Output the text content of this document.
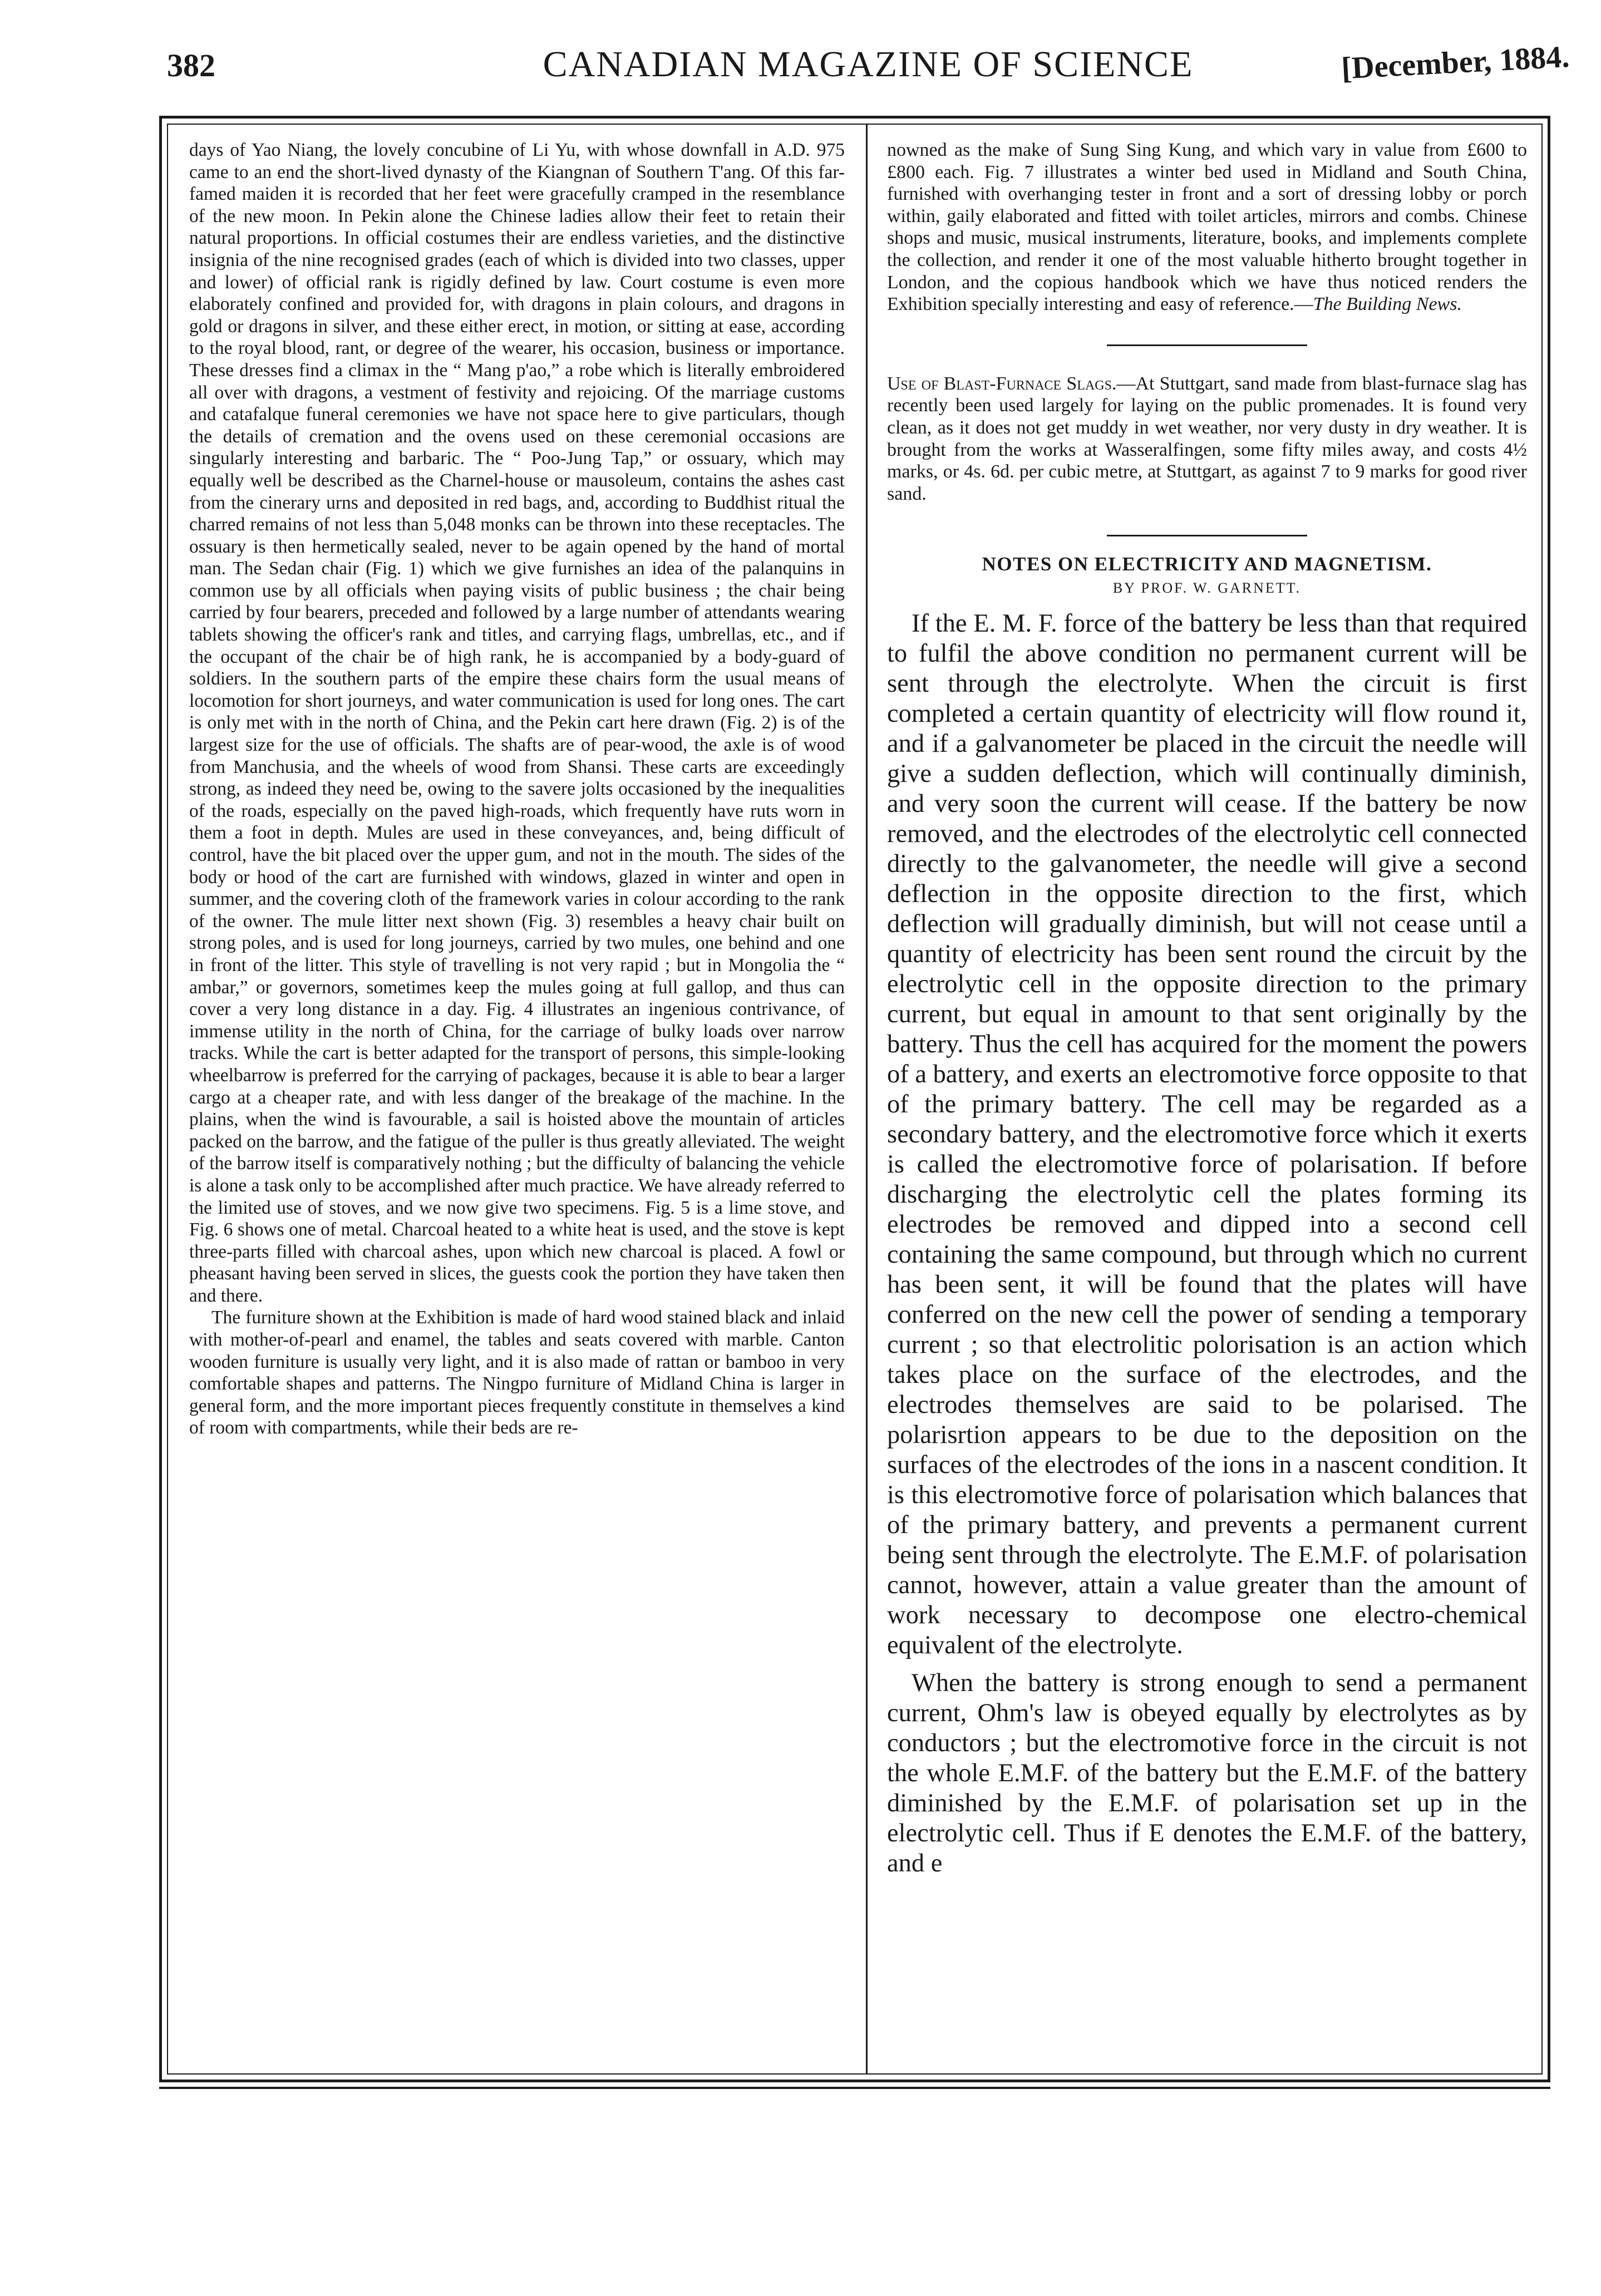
382	CANADIAN MAGAZINE OF SCIENCE	[December, 1884.

days of Yao Niang, the lovely concubine of Li Yu, with whose downfall in A.D. 975 came to an end the short-lived dynasty of the Kiangnan of Southern T'ang. Of this far-famed maiden it is recorded that her feet were gracefully cramped in the resemblance of the new moon. In Pekin alone the Chinese ladies allow their feet to retain their natural proportions. In official costumes their are endless varieties, and the distinctive insignia of the nine recognised grades (each of which is divided into two classes, upper and lower) of official rank is rigidly defined by law. Court costume is even more elaborately confined and provided for, with dragons in plain colours, and dragons in gold or dragons in silver, and these either erect, in motion, or sitting at ease, according to the royal blood, rant, or degree of the wearer, his occasion, business or importance. These dresses find a climax in the “ Mang p'ao,” a robe which is literally embroidered all over with dragons, a vestment of festivity and rejoicing. Of the marriage customs and catafalque funeral ceremonies we have not space here to give particulars, though the details of cremation and the ovens used on these ceremonial occasions are singularly interesting and barbaric. The “ Poo-Jung Tap,” or ossuary, which may equally well be described as the Charnel-house or mausoleum, contains the ashes cast from the cinerary urns and deposited in red bags, and, according to Buddhist ritual the charred remains of not less than 5,048 monks can be thrown into these receptacles. The ossuary is then hermetically sealed, never to be again opened by the hand of mortal man. The Sedan chair (Fig. 1) which we give furnishes an idea of the palanquins in common use by all officials when paying visits of public business ; the chair being carried by four bearers, preceded and followed by a large number of attendants wearing tablets showing the officer's rank and titles, and carrying flags, umbrellas, etc., and if the occupant of the chair be of high rank, he is accompanied by a body-guard of soldiers. In the southern parts of the empire these chairs form the usual means of locomotion for short journeys, and water communication is used for long ones. The cart is only met with in the north of China, and the Pekin cart here drawn (Fig. 2) is of the largest size for the use of officials. The shafts are of pear-wood, the axle is of wood from Manchusia, and the wheels of wood from Shansi. These carts are exceedingly strong, as indeed they need be, owing to the savere jolts occasioned by the inequalities of the roads, especially on the paved high-roads, which frequently have ruts worn in them a foot in depth. Mules are used in these conveyances, and, being difficult of control, have the bit placed over the upper gum, and not in the mouth. The sides of the body or hood of the cart are furnished with windows, glazed in winter and open in summer, and the covering cloth of the framework varies in colour according to the rank of the owner. The mule litter next shown (Fig. 3) resembles a heavy chair built on strong poles, and is used for long journeys, carried by two mules, one behind and one in front of the litter. This style of travelling is not very rapid ; but in Mongolia the “ ambar,” or governors, sometimes keep the mules going at full gallop, and thus can cover a very long distance in a day. Fig. 4 illustrates an ingenious contrivance, of immense utility in the north of China, for the carriage of bulky loads over narrow tracks. While the cart is better adapted for the transport of persons, this simple-looking wheelbarrow is preferred for the carrying of packages, because it is able to bear a larger cargo at a cheaper rate, and with less danger of the breakage of the machine. In the plains, when the wind is favourable, a sail is hoisted above the mountain of articles packed on the barrow, and the fatigue of the puller is thus greatly alleviated. The weight of the barrow itself is comparatively nothing ; but the difficulty of balancing the vehicle is alone a task only to be accomplished after much practice. We have already referred to the limited use of stoves, and we now give two specimens. Fig. 5 is a lime stove, and Fig. 6 shows one of metal. Charcoal heated to a white heat is used, and the stove is kept three-parts filled with charcoal ashes, upon which new charcoal is placed. A fowl or pheasant having been served in slices, the guests cook the portion they have taken then and there.

The furniture shown at the Exhibition is made of hard wood stained black and inlaid with mother-of-pearl and enamel, the tables and seats covered with marble. Canton wooden furniture is usually very light, and it is also made of rattan or bamboo in very comfortable shapes and patterns. The Ningpo furniture of Midland China is larger in general form, and the more important pieces frequently constitute in themselves a kind of room with compartments, while their beds are re-

nowned as the make of Sung Sing Kung, and which vary in value from £600 to £800 each. Fig. 7 illustrates a winter bed used in Midland and South China, furnished with overhanging tester in front and a sort of dressing lobby or porch within, gaily elaborated and fitted with toilet articles, mirrors and combs. Chinese shops and music, musical instruments, literature, books, and implements complete the collection, and render it one of the most valuable hitherto brought together in London, and the copious handbook which we have thus noticed renders the Exhibition specially interesting and easy of reference.—The Building News.

Use of Blast-Furnace Slags.—At Stuttgart, sand made from blast-furnace slag has recently been used largely for laying on the public promenades. It is found very clean, as it does not get muddy in wet weather, nor very dusty in dry weather. It is brought from the works at Wasseralfingen, some fifty miles away, and costs 4½ marks, or 4s. 6d. per cubic metre, at Stuttgart, as against 7 to 9 marks for good river sand.

NOTES ON ELECTRICITY AND MAGNETISM.
BY PROF. W. GARNETT.

If the E. M. F. force of the battery be less than that required to fulfil the above condition no permanent current will be sent through the electrolyte. When the circuit is first completed a certain quantity of electricity will flow round it, and if a galvanometer be placed in the circuit the needle will give a sudden deflection, which will continually diminish, and very soon the current will cease. If the battery be now removed, and the electrodes of the electrolytic cell connected directly to the galvanometer, the needle will give a second deflection in the opposite direction to the first, which deflection will gradually diminish, but will not cease until a quantity of electricity has been sent round the circuit by the electrolytic cell in the opposite direction to the primary current, but equal in amount to that sent originally by the battery. Thus the cell has acquired for the moment the powers of a battery, and exerts an electromotive force opposite to that of the primary battery. The cell may be regarded as a secondary battery, and the electromotive force which it exerts is called the electromotive force of polarisation. If before discharging the electrolytic cell the plates forming its electrodes be removed and dipped into a second cell containing the same compound, but through which no current has been sent, it will be found that the plates will have conferred on the new cell the power of sending a temporary current ; so that electrolitic polorisation is an action which takes place on the surface of the electrodes, and the electrodes themselves are said to be polarised. The polarisrtion appears to be due to the deposition on the surfaces of the electrodes of the ions in a nascent condition. It is this electromotive force of polarisation which balances that of the primary battery, and prevents a permanent current being sent through the electrolyte. The E.M.F. of polarisation cannot, however, attain a value greater than the amount of work necessary to decompose one electro-chemical equivalent of the electrolyte.

When the battery is strong enough to send a permanent current, Ohm's law is obeyed equally by electrolytes as by conductors ; but the electromotive force in the circuit is not the whole E.M.F. of the battery but the E.M.F. of the battery diminished by the E.M.F. of polarisation set up in the electrolytic cell. Thus if E denotes the E.M.F. of the battery, and e
